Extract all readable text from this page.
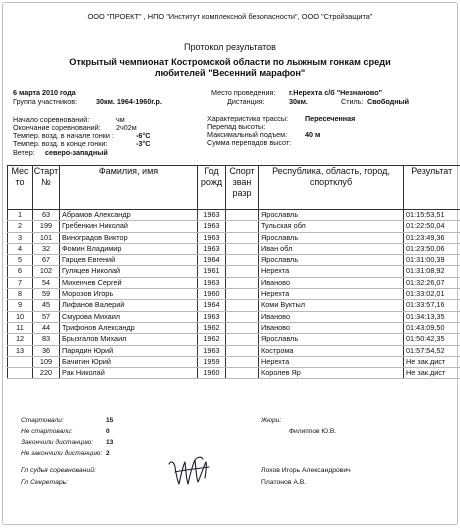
ООО "ПРОЕКТ" , НПО "Институт комплексной безопасности", ООО "Стройзащита"
Протокол результатов
Открытый чемпионат Костромской области по лыжным гонкам среди любителей "Весенний марафон"
6 марта 2010 года
Группа участников:	30км. 1964-1960г.р.
Начало соревнований:	чм
Окончание соревнований: 2ч02м
Темпер. возд. в начале гонки :	-6°С
Темпер. возд. в конце гонки:	-3°С
Ветер: северо-западный
Место проведения: г.Нерехта с/б "Незнаново"
Дистанция:	30км.	Стиль: Свободный
Характеристика трассы: Пересеченная
Перепад высоты:
Максимальный подъем: 40 м
Сумма перепадов высот:
Мес то	Старт №	Фамилия, имя	Год рожд	Спорт зван разр	Республика, область, город, спортклуб	Результат
1	63	Абрамов Александр	1963		Ярославль	01:15:53,51
2	199	Гребенкин Николай	1963		Тульская обл	01:22:50,04
3	101	Виноградов Виктор	1963		Ярославль	01:23:49,36
4	32	Фомин Владимир	1963		Иван обл	01:23:50,06
5	67	Гарцев Евгений	1964		Ярославль	01:31:00,39
6	102	Гуляцев Николай	1961		Нерехта	01:31:08,92
7	54	Михенчев Сергей	1963		Иваново	01:32:26,07
8	59	Морозов Игорь	1960		Нерехта	01:33:02,01
9	45	Лифанов Валерий	1964		Коми Вуктыл	01:33:57,16
10	57	Смурова Михаил	1963		Иваново	01:34:13,35
11	44	Трифонов Александр	1962		Иваново	01:43:09,50
12	83	Брызгалов Михаил	1962		Ярославль	01:50:42,35
13	36	Парядин Юрий	1963		Кострома	01:57:54,52
	109	Бачигин Юрий	1959		Нерехта	Не зак.дист
	220	Рак Николай	1960		Королев Яр	Не зак.дист
Стартовали:	15
Не стартовали:	0
Закончили дистанцию: 13
Не закончили дистанцию: 2
Жюри:
Филиппов Ю.В.
Гл судья соревнований:	Лохов Игорь Александрович
Гл Секретарь:	Платонов А.В.
